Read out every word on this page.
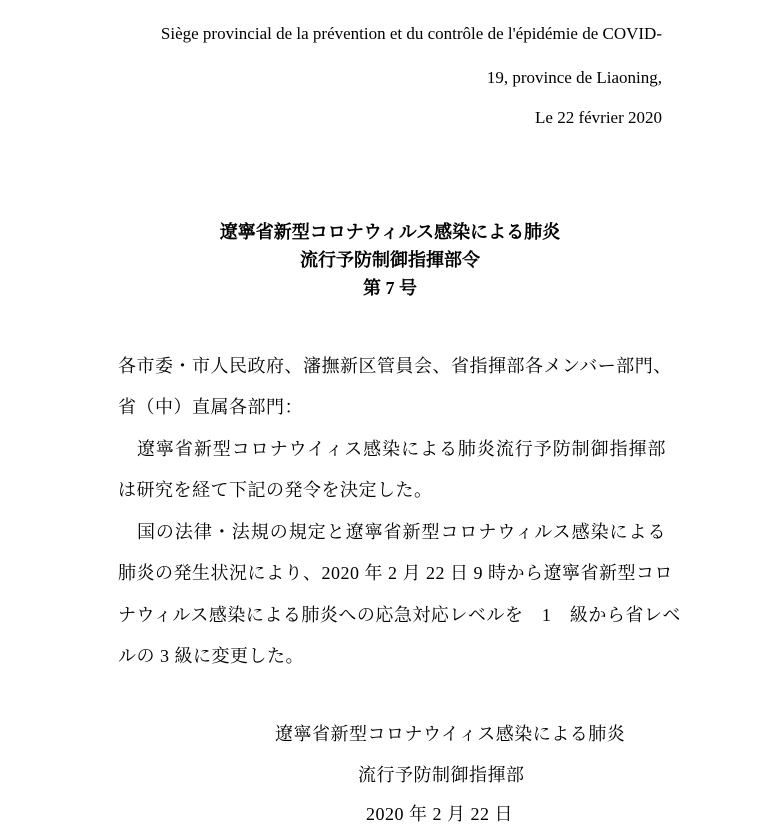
Siège provincial de la prévention et du contrôle de l'épidémie de COVID-
19, province de Liaoning,
Le 22 février 2020
遼寧省新型コロナウィルス感染による肺炎
流行予防制御指揮部令
第 7 号
各市委・市人民政府、瀋撫新区管員会、省指揮部各メンバー部門、
省（中）直属各部門：
　遼寧省新型コロナウイィス感染による肺炎流行予防制御指揮部
は研究を経て下記の発令を決定した。
　国の法律・法規の規定と遼寧省新型コロナウィルス感染による
肺炎の発生状況により、2020 年 2 月 22 日 9 時から遼寧省新型コロ
ナウィルス感染による肺炎への応急対応レベルを　1　級から省レベ
ルの 3 級に変更した。
遼寧省新型コロナウイィス感染による肺炎
流行予防制御指揮部
2020 年 2 月 22 日
